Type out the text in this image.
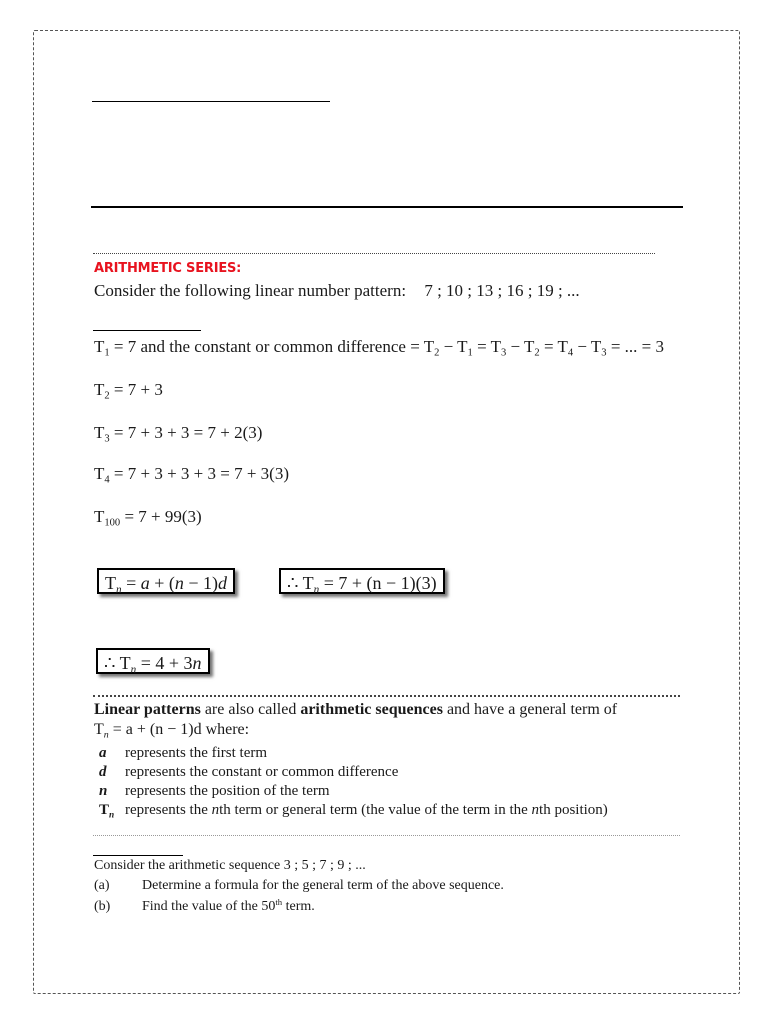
ARITHMETIC SERIES:
Consider the following linear number pattern: 7 ; 10 ; 13 ; 16 ; 19 ; ...
$T_1 = 7$ and the constant or common difference = $T_2 - T_1 = T_3 - T_2 = T_4 - T_3$ = ... = 3
$T_2 = 7 + 3$
$T_3 = 7 + 3 + 3 = 7 + 2(3)$
$T_4 = 7 + 3 + 3 + 3 = 7 + 3(3)$
$T_{100} = 7 + 99(3)$
$T_n = a + (n - 1)d$	∴ $T_n = 7 + (n - 1)(3)$
∴ $T_n = 4 + 3n$
Linear patterns are also called arithmetic sequences and have a general term of
$T_n = a + (n - 1)d$ where:
a represents the first term
d represents the constant or common difference
n represents the position of the term
$T_n$ represents the nth term or general term (the value of the term in the nth position)
Consider the arithmetic sequence 3 ; 5 ; 7 ; 9 ; ...
(a) Determine a formula for the general term of the above sequence.
(b) Find the value of the 50th term.
